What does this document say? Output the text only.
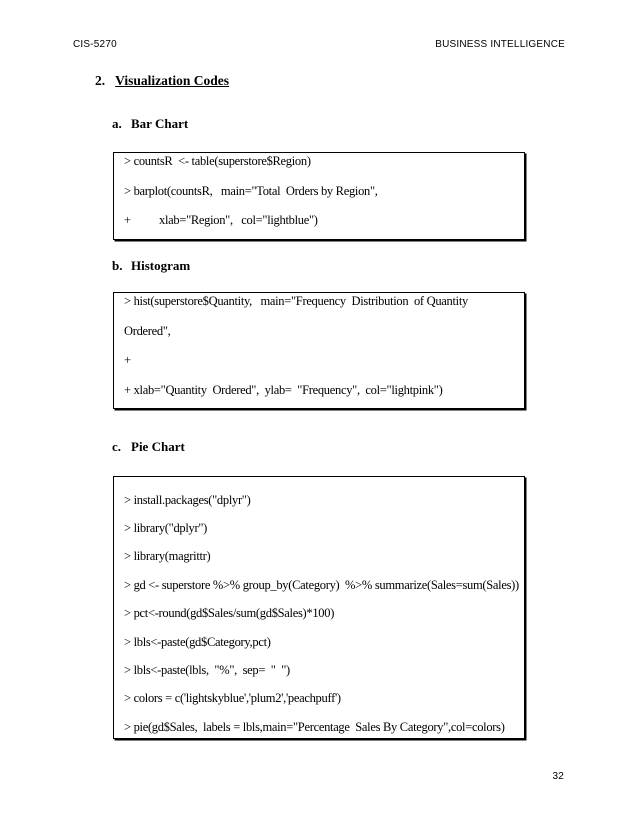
CIS-5270	BUSINESS INTELLIGENCE
2. Visualization Codes
a. Bar Chart
> countsR  <- table(superstore$Region)
> barplot(countsR,   main="Total  Orders by Region",
+          xlab="Region",   col="lightblue")
b. Histogram
> hist(superstore$Quantity,   main="Frequency  Distribution  of Quantity
Ordered",
+
+ xlab="Quantity  Ordered",  ylab=  "Frequency",  col="lightpink")
c. Pie Chart
> install.packages("dplyr")
> library("dplyr")
> library(magrittr)
> gd <- superstore %>% group_by(Category)  %>% summarize(Sales=sum(Sales))
> pct<-round(gd$Sales/sum(gd$Sales)*100)
> lbls<-paste(gd$Category,pct)
> lbls<-paste(lbls,  "%",  sep=  "  ")
> colors = c('lightskyblue','plum2','peachpuff')
> pie(gd$Sales,  labels = lbls,main="Percentage  Sales By Category",col=colors)
32
